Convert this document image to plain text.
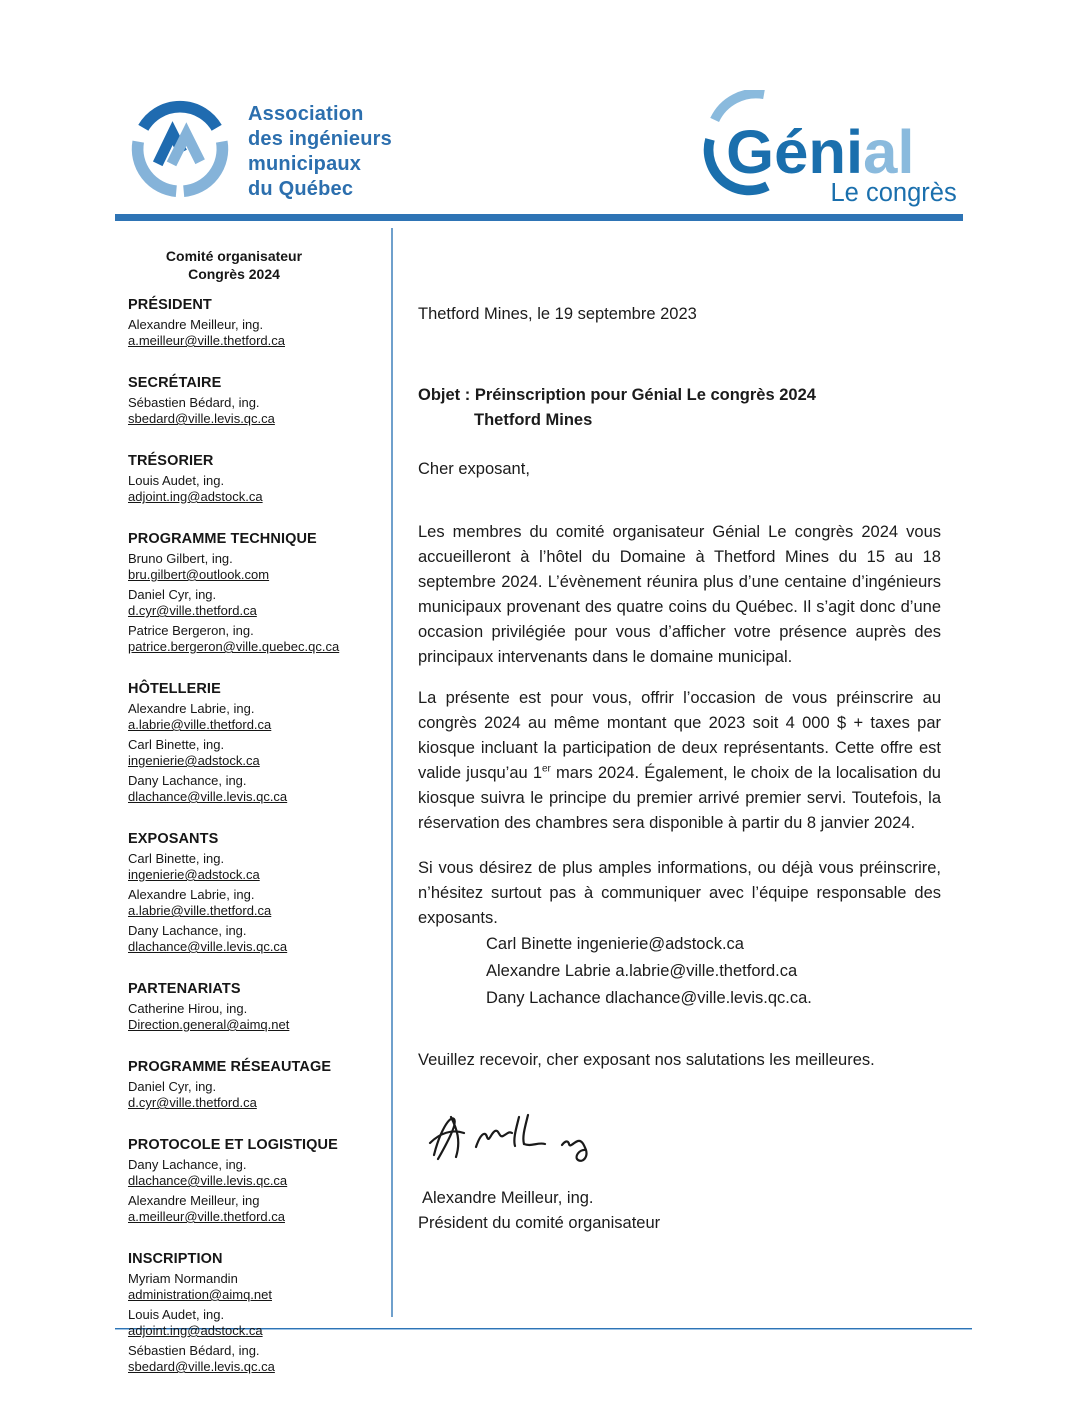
Association
des ingénieurs
municipaux
du Québec
Génial
Le congrès
Comité organisateur
Congrès 2024
PRÉSIDENT
Alexandre Meilleur, ing.
a.meilleur@ville.thetford.ca
SECRÉTAIRE
Sébastien Bédard, ing.
sbedard@ville.levis.qc.ca
TRÉSORIER
Louis Audet, ing.
adjoint.ing@adstock.ca
PROGRAMME TECHNIQUE
Bruno Gilbert, ing.
bru.gilbert@outlook.com
Daniel Cyr, ing.
d.cyr@ville.thetford.ca
Patrice Bergeron, ing.
patrice.bergeron@ville.quebec.qc.ca
HÔTELLERIE
Alexandre Labrie, ing.
a.labrie@ville.thetford.ca
Carl Binette, ing.
ingenierie@adstock.ca
Dany Lachance, ing.
dlachance@ville.levis.qc.ca
EXPOSANTS
Carl Binette, ing.
ingenierie@adstock.ca
Alexandre Labrie, ing.
a.labrie@ville.thetford.ca
Dany Lachance, ing.
dlachance@ville.levis.qc.ca
PARTENARIATS
Catherine Hirou, ing.
Direction.general@aimq.net
PROGRAMME RÉSEAUTAGE
Daniel Cyr, ing.
d.cyr@ville.thetford.ca
PROTOCOLE ET LOGISTIQUE
Dany Lachance, ing.
dlachance@ville.levis.qc.ca
Alexandre Meilleur, ing
a.meilleur@ville.thetford.ca
INSCRIPTION
Myriam Normandin
administration@aimq.net
Louis Audet, ing.
adjoint.ing@adstock.ca
Sébastien Bédard, ing.
sbedard@ville.levis.qc.ca
Thetford Mines, le 19 septembre 2023
Objet : Préinscription pour Génial Le congrès 2024
Thetford Mines
Cher exposant,

Les membres du comité organisateur Génial Le congrès 2024 vous accueilleront à l’hôtel du Domaine à Thetford Mines du 15 au 18 septembre 2024. L’évènement réunira plus d’une centaine d’ingénieurs municipaux provenant des quatre coins du Québec. Il s’agit donc d’une occasion privilégiée pour vous d’afficher votre présence auprès des principaux intervenants dans le domaine municipal.

La présente est pour vous, offrir l’occasion de vous préinscrire au congrès 2024 au même montant que 2023 soit 4 000 $ + taxes par kiosque incluant la participation de deux représentants. Cette offre est valide jusqu’au 1er mars 2024. Également, le choix de la localisation du kiosque suivra le principe du premier arrivé premier servi. Toutefois, la réservation des chambres sera disponible à partir du 8 janvier 2024.

Si vous désirez de plus amples informations, ou déjà vous préinscrire, n’hésitez surtout pas à communiquer avec l’équipe responsable des exposants.

Carl Binette ingenierie@adstock.ca
Alexandre Labrie a.labrie@ville.thetford.ca
Dany Lachance dlachance@ville.levis.qc.ca.
Veuillez recevoir, cher exposant nos salutations les meilleures.
Alexandre Meilleur, ing.
Président du comité organisateur
